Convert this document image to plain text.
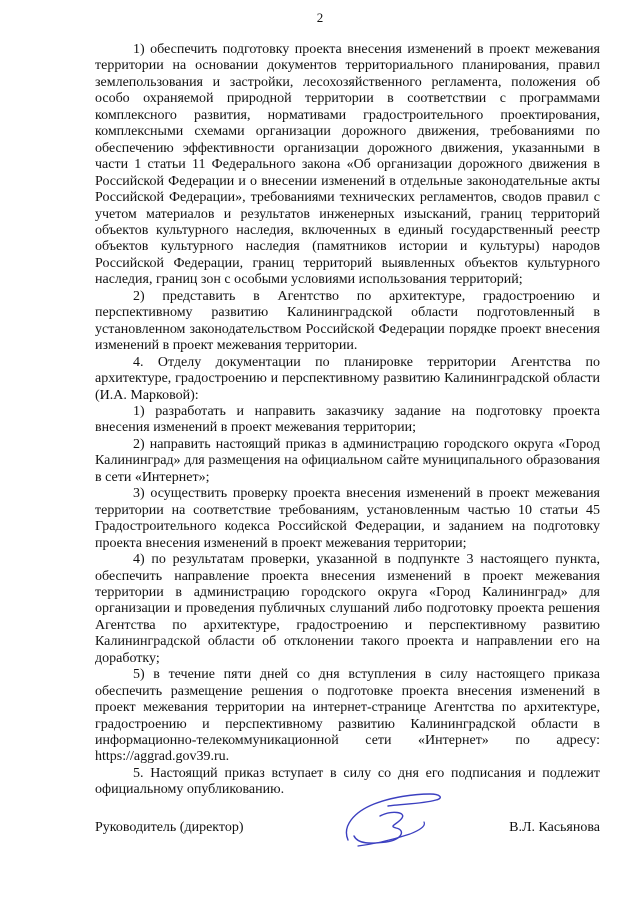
2

1) обеспечить подготовку проекта внесения изменений в проект межевания территории на основании документов территориального планирования, правил землепользования и застройки, лесохозяйственного регламента, положения об особо охраняемой природной территории в соответствии с программами комплексного развития, нормативами градостроительного проектирования, комплексными схемами организации дорожного движения, требованиями по обеспечению эффективности организации дорожного движения, указанными в части 1 статьи 11 Федерального закона «Об организации дорожного движения в Российской Федерации и о внесении изменений в отдельные законодательные акты Российской Федерации», требованиями технических регламентов, сводов правил с учетом материалов и результатов инженерных изысканий, границ территорий объектов культурного наследия, включенных в единый государственный реестр объектов культурного наследия (памятников истории и культуры) народов Российской Федерации, границ территорий выявленных объектов культурного наследия, границ зон с особыми условиями использования территорий;

2) представить в Агентство по архитектуре, градостроению и перспективному развитию Калининградской области подготовленный в установленном законодательством Российской Федерации порядке проект внесения изменений в проект межевания территории.

4. Отделу документации по планировке территории Агентства по архитектуре, градостроению и перспективному развитию Калининградской области (И.А. Марковой):

1) разработать и направить заказчику задание на подготовку проекта внесения изменений в проект межевания территории;

2) направить настоящий приказ в администрацию городского округа «Город Калининград» для размещения на официальном сайте муниципального образования в сети «Интернет»;

3) осуществить проверку проекта внесения изменений в проект межевания территории на соответствие требованиям, установленным частью 10 статьи 45 Градостроительного кодекса Российской Федерации, и заданием на подготовку проекта внесения изменений в проект межевания территории;

4) по результатам проверки, указанной в подпункте 3 настоящего пункта, обеспечить направление проекта внесения изменений в проект межевания территории в администрацию городского округа «Город Калининград» для организации и проведения публичных слушаний либо подготовку проекта решения Агентства по архитектуре, градостроению и перспективному развитию Калининградской области об отклонении такого проекта и направлении его на доработку;

5) в течение пяти дней со дня вступления в силу настоящего приказа обеспечить размещение решения о подготовке проекта внесения изменений в проект межевания территории на интернет-странице Агентства по архитектуре, градостроению и перспективному развитию Калининградской области в информационно-телекоммуникационной сети «Интернет» по адресу: https://aggrad.gov39.ru.

5. Настоящий приказ вступает в силу со дня его подписания и подлежит официальному опубликованию.

Руководитель (директор)	В.Л. Касьянова
